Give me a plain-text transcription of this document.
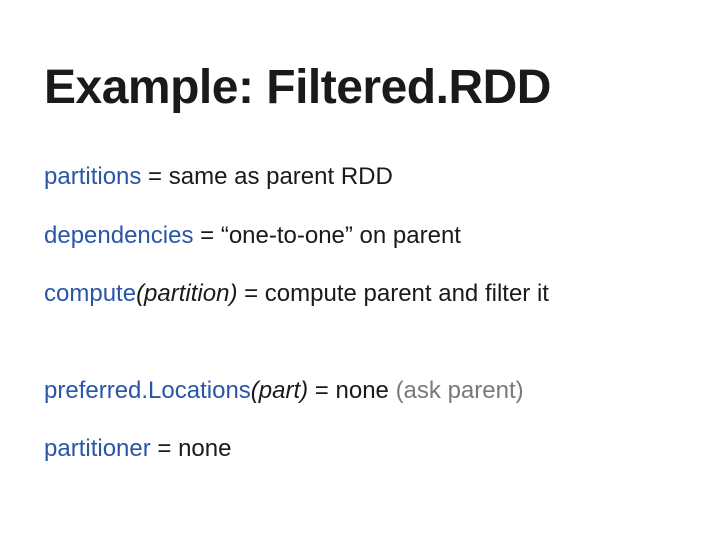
Example: Filtered.RDD
partitions = same as parent RDD
dependencies = “one-to-one” on parent
compute(partition) = compute parent and filter it
preferred.Locations(part) = none (ask parent)
partitioner = none
